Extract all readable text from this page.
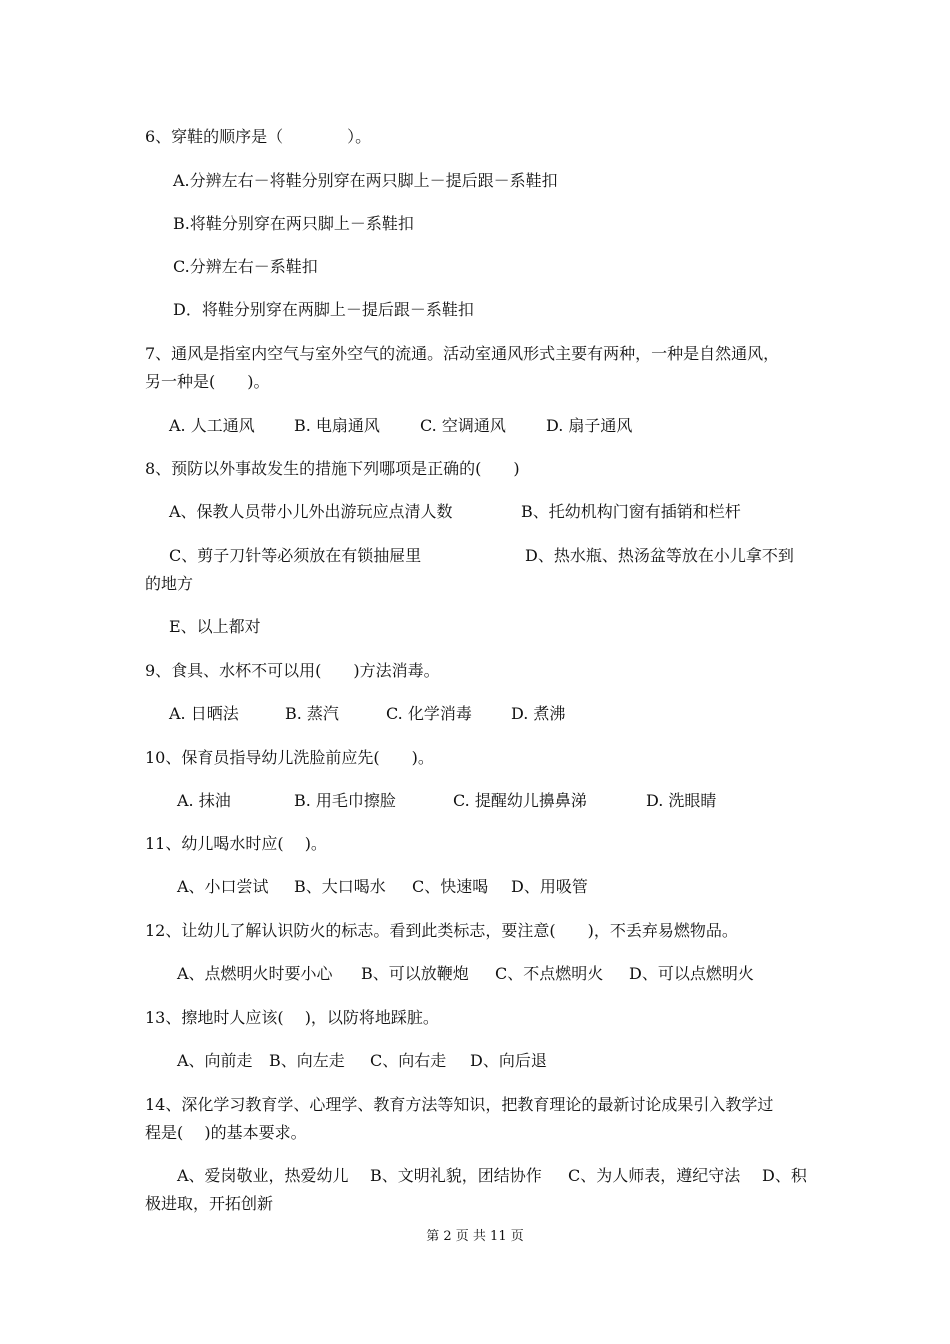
6、穿鞋的顺序是（　　　　）。

A.分辨左右－将鞋分别穿在两只脚上－提后跟－系鞋扣

B.将鞋分别穿在两只脚上－系鞋扣

C.分辨左右－系鞋扣

D．将鞋分别穿在两脚上－提后跟－系鞋扣

7、通风是指室内空气与室外空气的流通。活动室通风形式主要有两种，一种是自然通风，

另一种是(　　)。

A. 人工通风 B. 电扇通风	C. 空调通风	D. 扇子通风

8、预防以外事故发生的措施下列哪项是正确的(　　)

A、保教人员带小儿外出游玩应点清人数	B、托幼机构门窗有插销和栏杆

C、剪子刀针等必须放在有锁抽屉里	D、热水瓶、热汤盆等放在小儿拿不到

的地方

E、以上都对

9、食具、水杯不可以用(　　)方法消毒。

A. 日晒法	B. 蒸汽	C. 化学消毒 D. 煮沸

10、保育员指导幼儿洗脸前应先(　　)。

A. 抹油	B. 用毛巾擦脸	C. 提醒幼儿擤鼻涕	D. 洗眼睛

11、幼儿喝水时应(　 )。

A、小口尝试 B、大口喝水 C、快速喝 D、用吸管

12、让幼儿了解认识防火的标志。看到此类标志，要注意(　　)，不丢弃易燃物品。

A、点燃明火时要小心 B、可以放鞭炮 C、不点燃明火 D、可以点燃明火

13、擦地时人应该(　 )，以防将地踩脏。

A、向前走 B、向左走 C、向右走 D、向后退

14、深化学习教育学、心理学、教育方法等知识，把教育理论的最新讨论成果引入教学过

程是(　 )的基本要求。

A、爱岗敬业，热爱幼儿 B、文明礼貌，团结协作 C、为人师表，遵纪守法 D、积

极进取，开拓创新

第 2 页 共 11 页
